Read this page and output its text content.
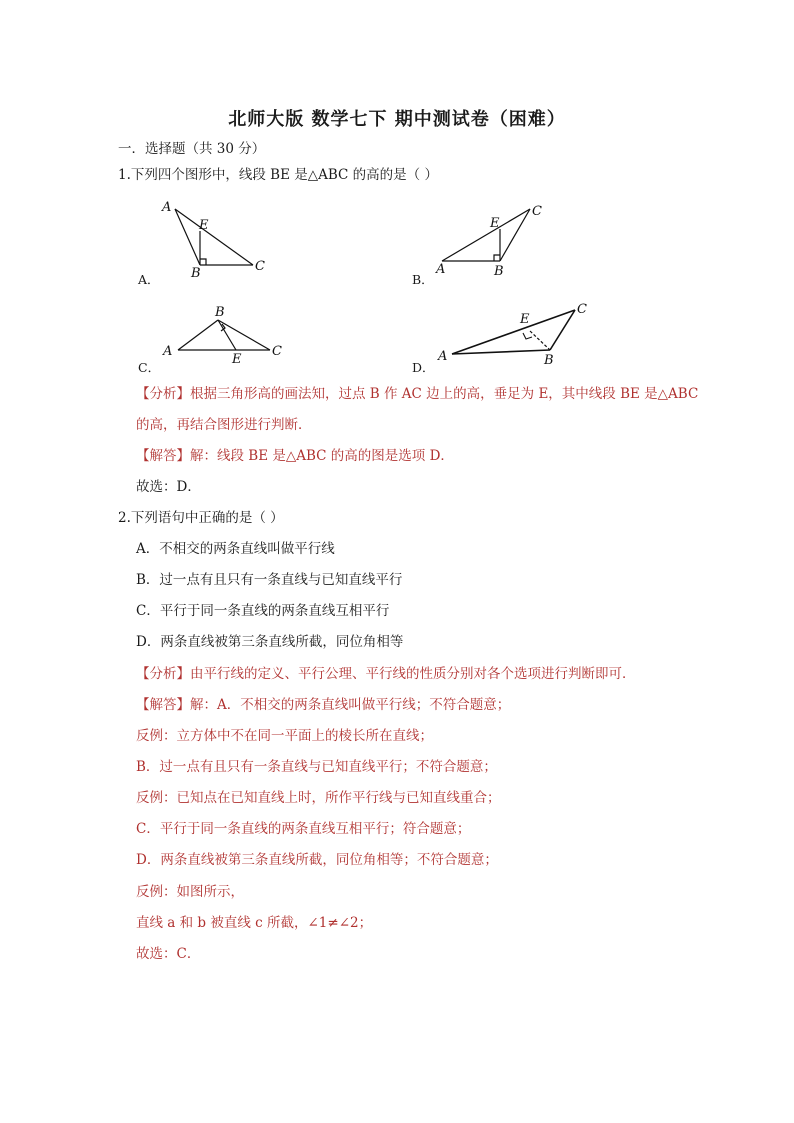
北师大版 数学七下 期中测试卷（困难）
一．选择题（共 30 分）
1.下列四个图形中，线段 BE 是△ABC 的高的是（ ）
A．
A
E
B	C
B．
E
C
A	B
C．
B
A
E
C
D．
E
C
A	B
【分析】根据三角形高的画法知，过点 B 作 AC 边上的高，垂足为 E，其中线段 BE 是△ABC
的高，再结合图形进行判断．
【解答】解：线段 BE 是△ABC 的高的图是选项 D．
故选：D．
2.下列语句中正确的是（ ）
A．不相交的两条直线叫做平行线
B．过一点有且只有一条直线与已知直线平行
C．平行于同一条直线的两条直线互相平行
D．两条直线被第三条直线所截，同位角相等
【分析】由平行线的定义、平行公理、平行线的性质分别对各个选项进行判断即可．
【解答】解：A．不相交的两条直线叫做平行线；不符合题意；
反例：立方体中不在同一平面上的棱长所在直线；
B．过一点有且只有一条直线与已知直线平行；不符合题意；
反例：已知点在已知直线上时，所作平行线与已知直线重合；
C．平行于同一条直线的两条直线互相平行；符合题意；
D．两条直线被第三条直线所截，同位角相等；不符合题意；
反例：如图所示，
直线 a 和 b 被直线 c 所截，∠1≠∠2；
故选：C．
